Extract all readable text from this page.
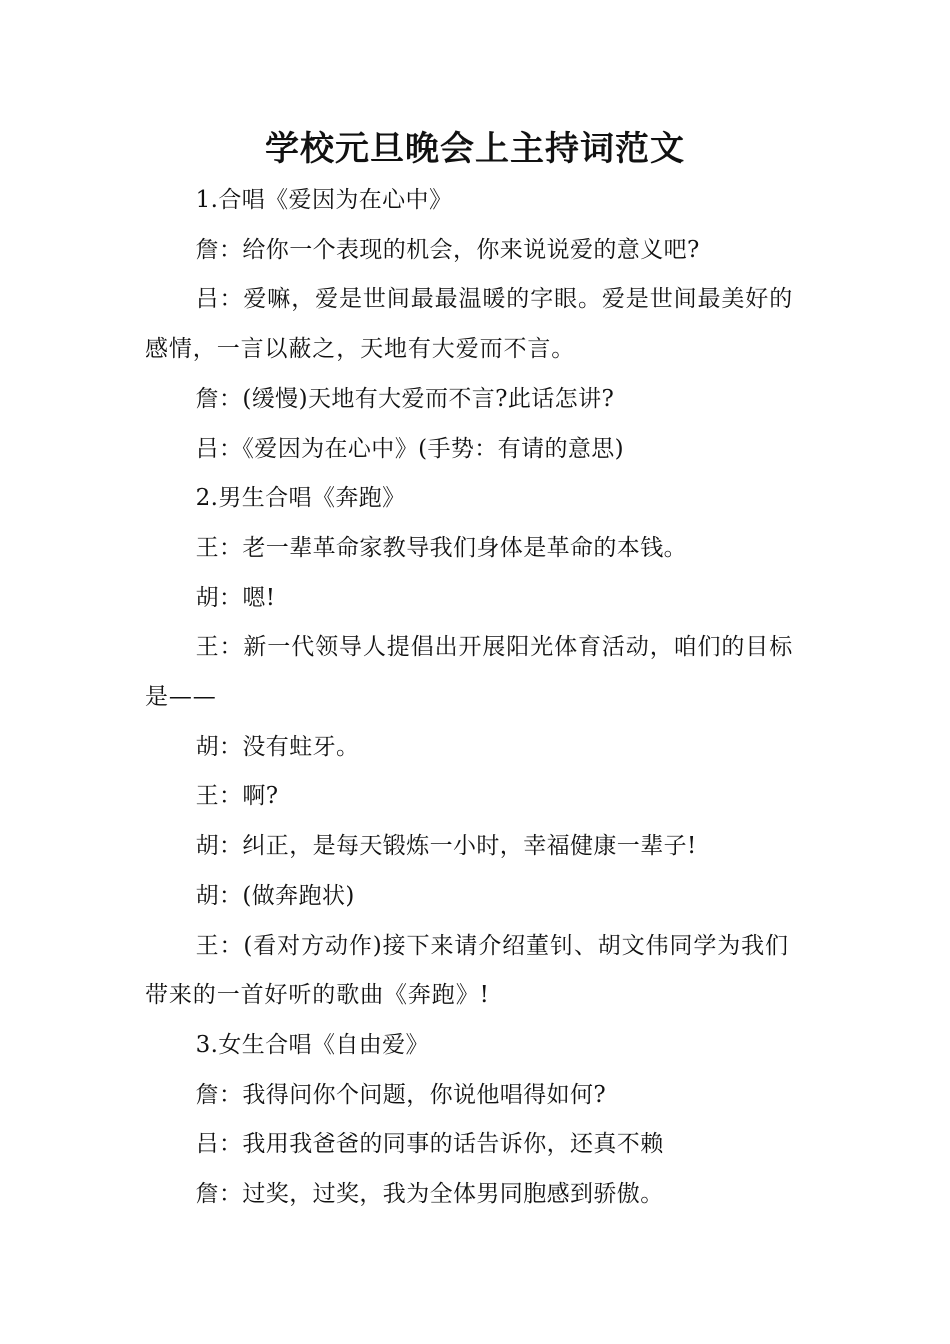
学校元旦晚会上主持词范文

1.合唱《爱因为在心中》

詹：给你一个表现的机会，你来说说爱的意义吧?

吕：爱嘛，爱是世间最最温暖的字眼。爱是世间最美好的感情，一言以蔽之，天地有大爱而不言。

詹：(缓慢)天地有大爱而不言?此话怎讲?

吕：《爱因为在心中》(手势：有请的意思)

2.男生合唱《奔跑》

王：老一辈革命家教导我们身体是革命的本钱。

胡：嗯!

王：新一代领导人提倡出开展阳光体育活动，咱们的目标是——

胡：没有蛀牙。

王：啊?

胡：纠正，是每天锻炼一小时，幸福健康一辈子!

胡：(做奔跑状)

王：(看对方动作)接下来请介绍董钊、胡文伟同学为我们带来的一首好听的歌曲《奔跑》!

3.女生合唱《自由爱》

詹：我得问你个问题，你说他唱得如何?

吕：我用我爸爸的同事的话告诉你，还真不赖

詹：过奖，过奖，我为全体男同胞感到骄傲。
